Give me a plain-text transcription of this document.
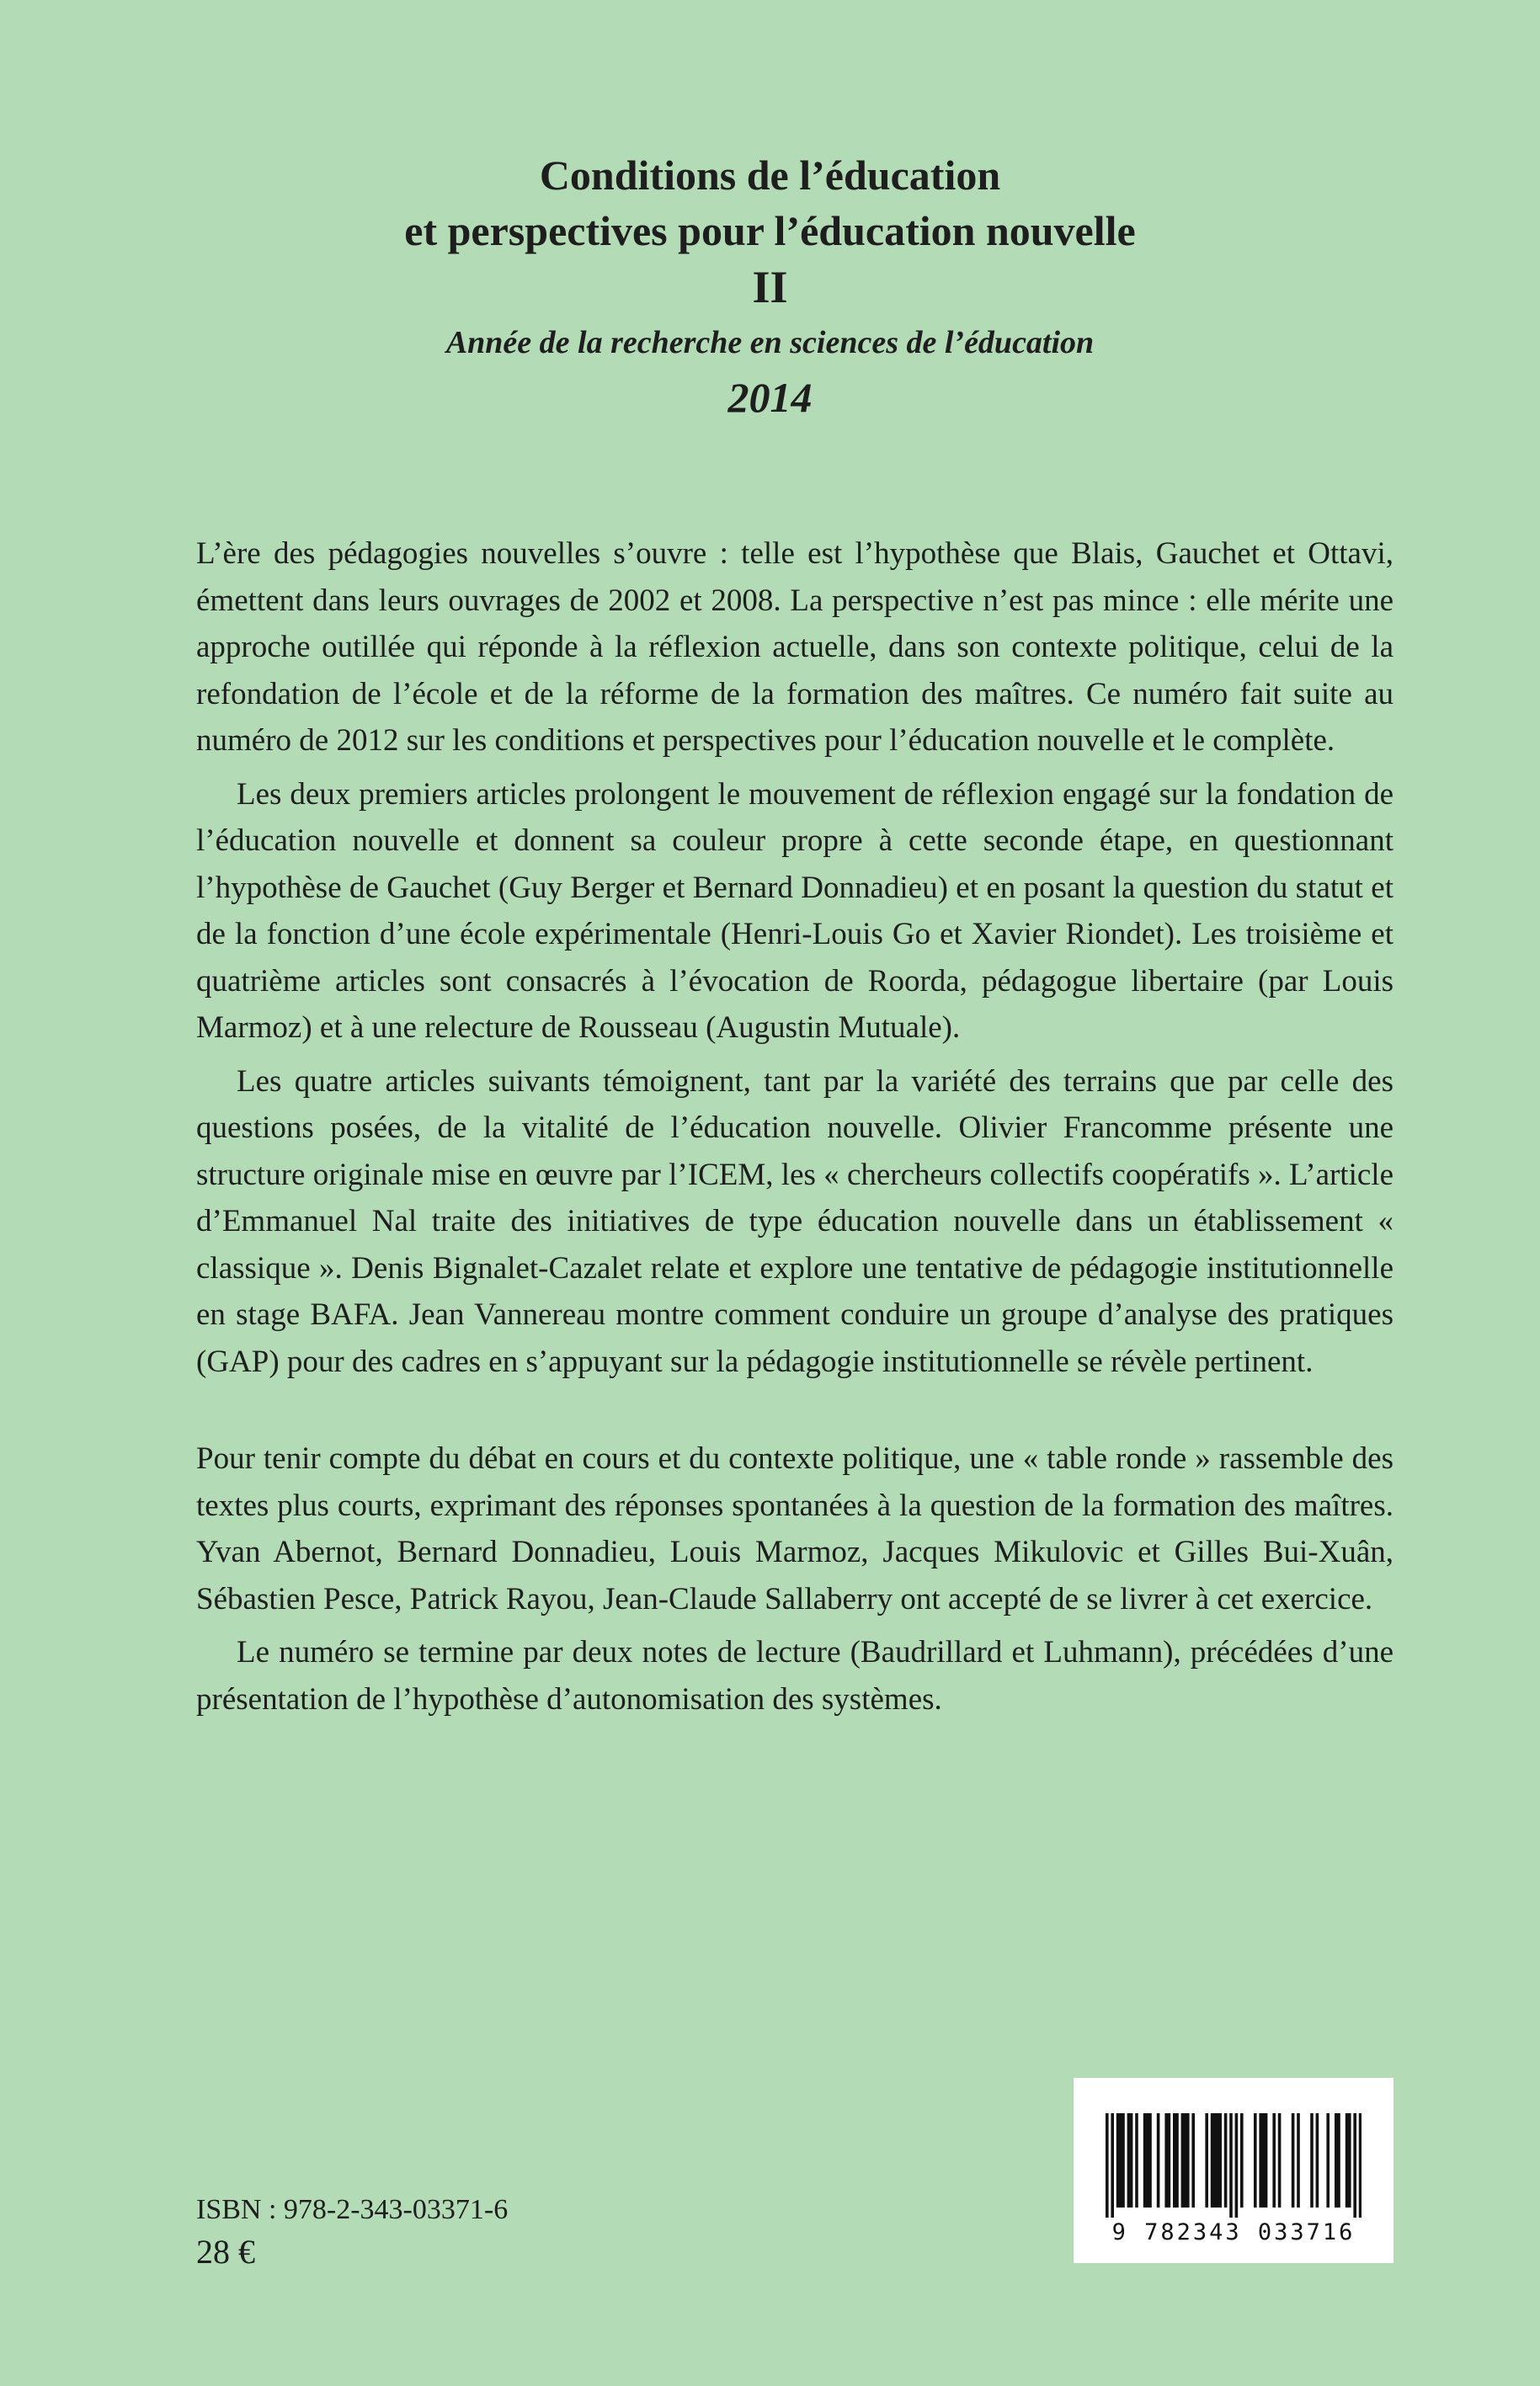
Conditions de l’éducation

et perspectives pour l’éducation nouvelle

II

Année de la recherche en sciences de l’éducation

2014

L’ère des pédagogies nouvelles s’ouvre : telle est l’hypothèse que Blais, Gauchet et Ottavi, émettent dans leurs ouvrages de 2002 et 2008. La perspective n’est pas mince : elle mérite une approche outillée qui réponde à la réflexion actuelle, dans son contexte politique, celui de la refondation de l’école et de la réforme de la formation des maîtres. Ce numéro fait suite au numéro de 2012 sur les conditions et perspectives pour l’éducation nouvelle et le complète.

Les deux premiers articles prolongent le mouvement de réflexion engagé sur la fondation de l’éducation nouvelle et donnent sa couleur propre à cette seconde étape, en questionnant l’hypothèse de Gauchet (Guy Berger et Bernard Donnadieu) et en posant la question du statut et de la fonction d’une école expérimentale (Henri-Louis Go et Xavier Riondet). Les troisième et quatrième articles sont consacrés à l’évocation de Roorda, pédagogue libertaire (par Louis Marmoz) et à une relecture de Rousseau (Augustin Mutuale).

Les quatre articles suivants témoignent, tant par la variété des terrains que par celle des questions posées, de la vitalité de l’éducation nouvelle. Olivier Francomme présente une structure originale mise en œuvre par l’ICEM, les « chercheurs collectifs coopératifs ». L’article d’Emmanuel Nal traite des initiatives de type éducation nouvelle dans un établissement « classique ». Denis Bignalet-Cazalet relate et explore une tentative de pédagogie institutionnelle en stage BAFA. Jean Vannereau montre comment conduire un groupe d’analyse des pratiques (GAP) pour des cadres en s’appuyant sur la pédagogie institutionnelle se révèle pertinent.

Pour tenir compte du débat en cours et du contexte politique, une « table ronde » rassemble des textes plus courts, exprimant des réponses spontanées à la question de la formation des maîtres. Yvan Abernot, Bernard Donnadieu, Louis Marmoz, Jacques Mikulovic et Gilles Bui-Xuân, Sébastien Pesce, Patrick Rayou, Jean-Claude Sallaberry ont accepté de se livrer à cet exercice.

Le numéro se termine par deux notes de lecture (Baudrillard et Luhmann), précédées d’une présentation de l’hypothèse d’autonomisation des systèmes.

ISBN : 978-2-343-03371-6
28 €
9 782343 033716
